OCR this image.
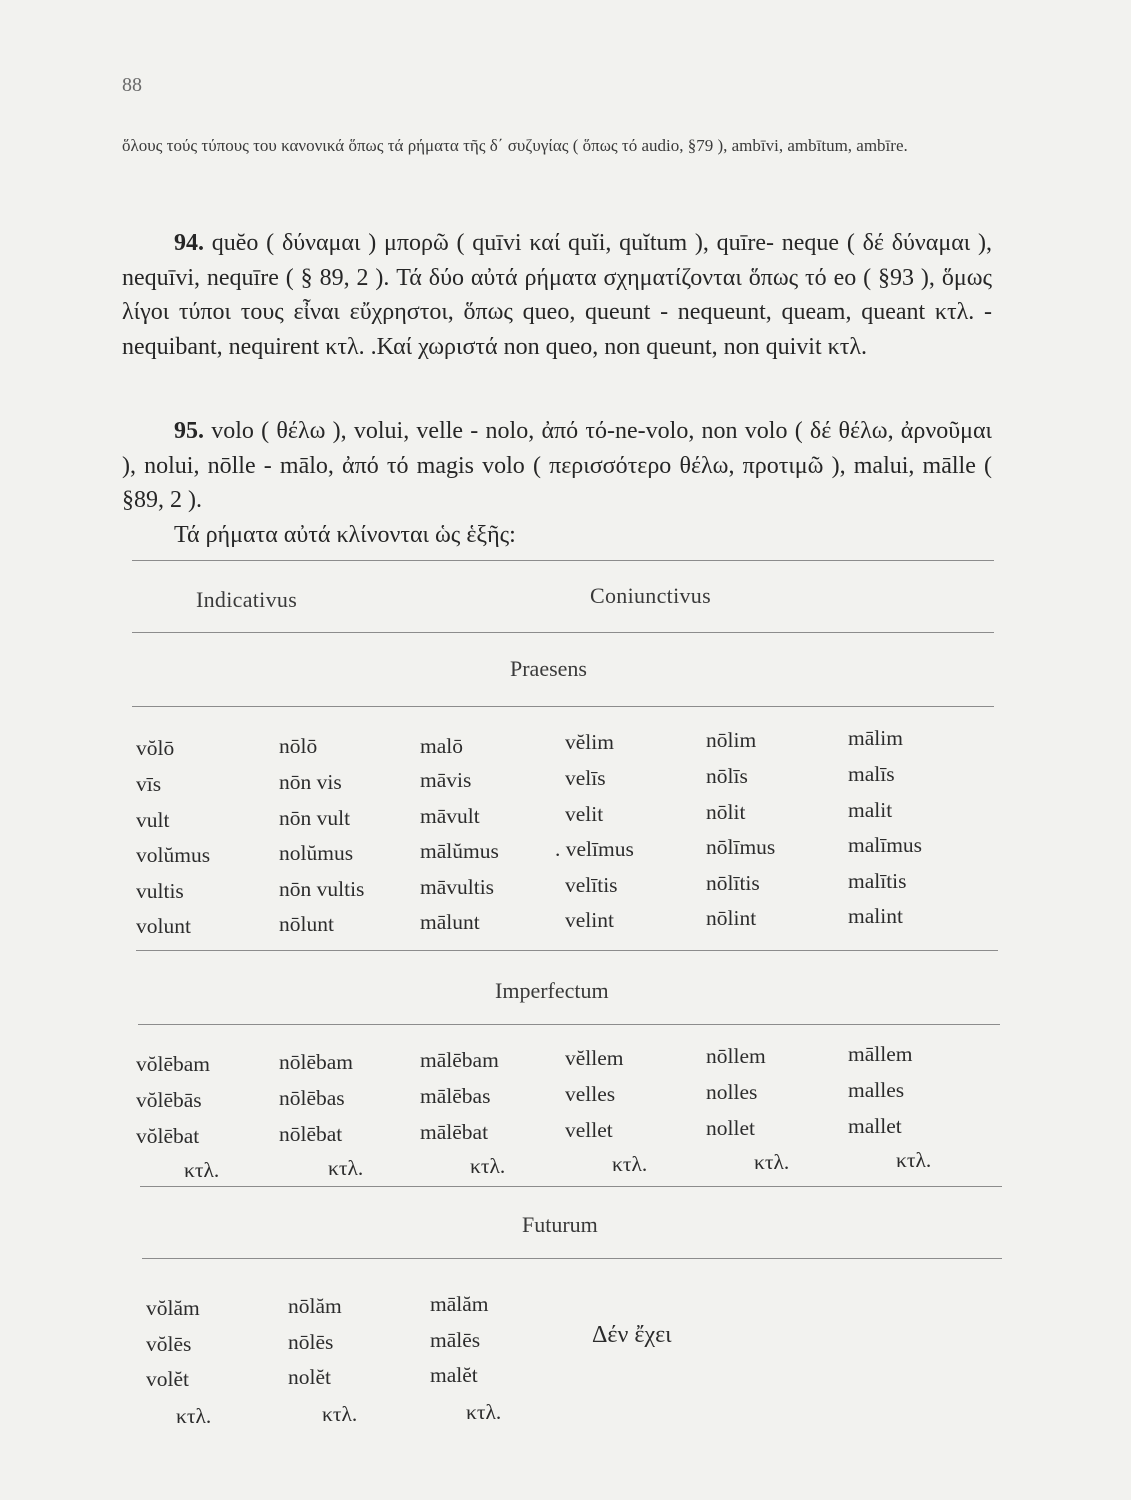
88
ὅλους τούς τύπους του κανονικά ὅπως τά ρήματα τῆς δ΄ συζυγίας ( ὅπως τό audio, §79 ), ambīvi, ambītum, ambīre.
94. quĕo ( δύναμαι ) μπορῶ ( quīvi καί quĭi, quĭtum ), quīre- neque ( δέ δύναμαι ), nequīvi, nequīre ( § 89, 2 ). Τά δύο αὐτά ρήματα σχηματίζονται ὅπως τό eo ( §93 ), ὅμως λίγοι τύποι τους εἶναι εὔχρηστοι, ὅπως queo, queunt - nequeunt, queam, queant κτλ. - nequibant, nequirent κτλ. .Καί χωριστά non queo, non queunt, non quivit κτλ.
95. volo ( θέλω ), volui, velle - nolo, ἀπό τό-ne-volo, non volo ( δέ θέλω, ἀρνοῦμαι ), nolui, nōlle - mālo, ἀπό τό magis volo ( περισσότερο θέλω, προτιμῶ ), malui, mālle ( §89, 2 ).
Τά ρήματα αὐτά κλίνονται ὡς ἑξῆς:
Indicativus	Coniunctivus
Praesens
Imperfectum
Futurum
vŏlō	nōlō	malō	vĕlim	nōlim	mālim
vīs	nōn vis	māvis	velīs	nōlīs	malīs
vult	nōn vult	māvult	velit	nōlit	malit
volŭmus	nolŭmus	mālŭmus	. velīmus	nōlīmus	malīmus
vultis	nōn vultis	māvultis	velītis	nōlītis	malītis
volunt	nōlunt	mālunt	velint	nōlint	malint
vŏlēbam	nōlēbam	mālēbam	vĕllem	nōllem	māllem
vŏlēbās	nōlēbas	mālēbas	velles	nolles	malles
vŏlēbat	nōlēbat	mālēbat	vellet	nollet	mallet
κτλ.	κτλ.	κτλ.	κτλ.	κτλ.	κτλ.
vŏlăm	nōlăm	mālăm
vŏlēs	nōlēs	mālēs
volĕt	nolĕt	malĕt
κτλ.	κτλ.	κτλ.
Δέν ἔχει
